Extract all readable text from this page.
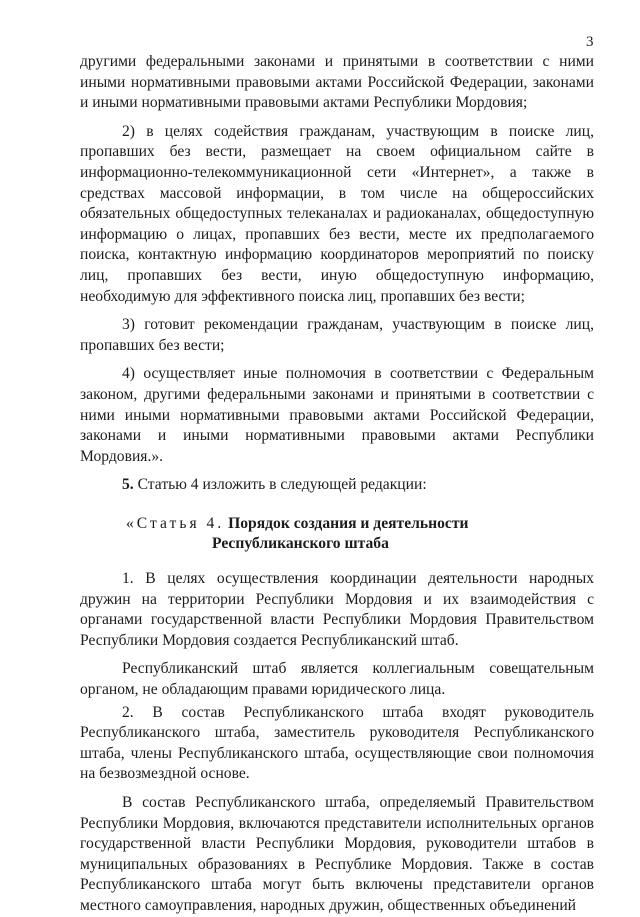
3

другими федеральными законами и принятыми в соответствии с ними иными нормативными правовыми актами Российской Федерации, законами и иными нормативными правовыми актами Республики Мордовия;

2) в целях содействия гражданам, участвующим в поиске лиц, пропавших без вести, размещает на своем официальном сайте в информационно-телекоммуникационной сети «Интернет», а также в средствах массовой информации, в том числе на общероссийских обязательных общедоступных телеканалах и радиоканалах, общедоступную информацию о лицах, пропавших без вести, месте их предполагаемого поиска, контактную информацию координаторов мероприятий по поиску лиц, пропавших без вести, иную общедоступную информацию, необходимую для эффективного поиска лиц, пропавших без вести;

3) готовит рекомендации гражданам, участвующим в поиске лиц, пропавших без вести;

4) осуществляет иные полномочия в соответствии с Федеральным законом, другими федеральными законами и принятыми в соответствии с ними иными нормативными правовыми актами Российской Федерации, законами и иными нормативными правовыми актами Республики Мордовия.».

5. Статью 4 изложить в следующей редакции:

«Статья 4. Порядок создания и деятельности
Республиканского штаба

1. В целях осуществления координации деятельности народных дружин на территории Республики Мордовия и их взаимодействия с органами государственной власти Республики Мордовия Правительством Республики Мордовия создается Республиканский штаб.

Республиканский штаб является коллегиальным совещательным органом, не обладающим правами юридического лица.

2. В состав Республиканского штаба входят руководитель Республиканского штаба, заместитель руководителя Республиканского штаба, члены Республиканского штаба, осуществляющие свои полномочия на безвозмездной основе.

В состав Республиканского штаба, определяемый Правительством Республики Мордовия, включаются представители исполнительных органов государственной власти Республики Мордовия, руководители штабов в муниципальных образованиях в Республике Мордовия. Также в состав Республиканского штаба могут быть включены представители органов местного самоуправления, народных дружин, общественных объединений
